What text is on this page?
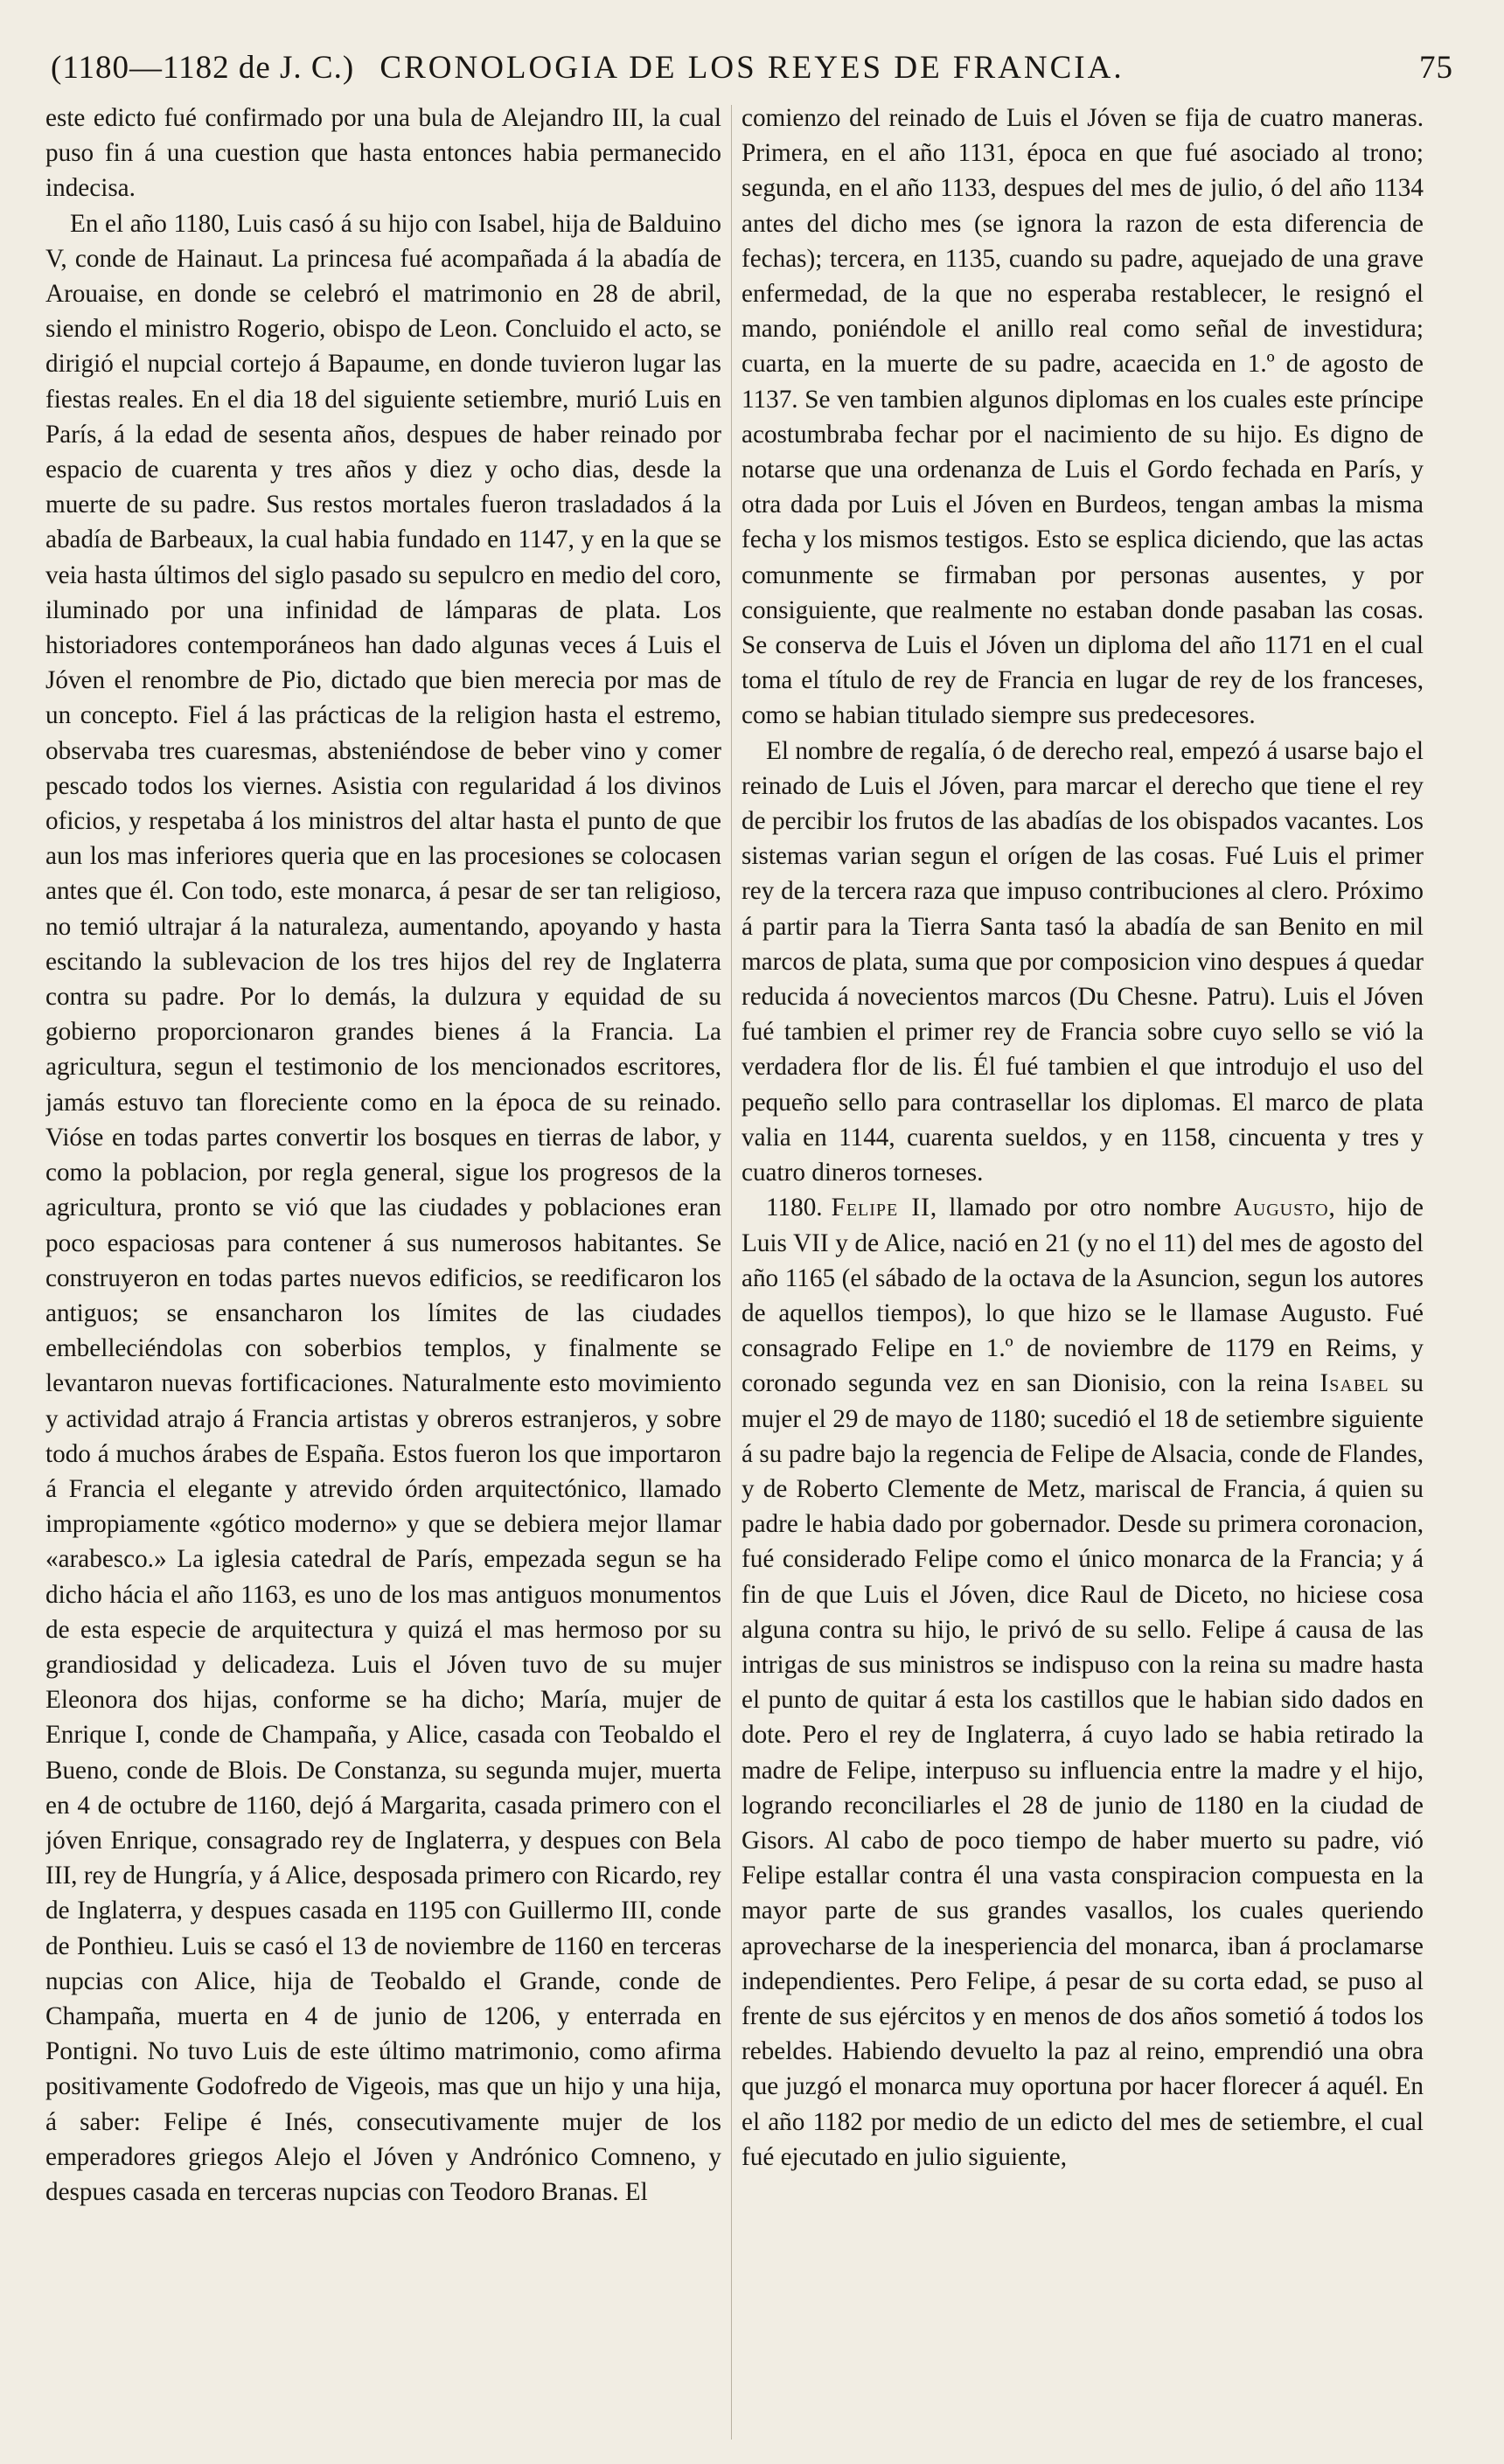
(1180—1182 de J. C.) CRONOLOGIA DE LOS REYES DE FRANCIA.	75

este edicto fué confirmado por una bula de Alejandro III, la cual puso fin á una cuestion que hasta entonces habia permanecido indecisa.

En el año 1180, Luis casó á su hijo con Isabel, hija de Balduino V, conde de Hainaut. La princesa fué acompañada á la abadía de Arouaise, en donde se celebró el matrimonio en 28 de abril, siendo el ministro Rogerio, obispo de Leon. Concluido el acto, se dirigió el nupcial cortejo á Bapaume, en donde tuvieron lugar las fiestas reales. En el dia 18 del siguiente setiembre, murió Luis en París, á la edad de sesenta años, despues de haber reinado por espacio de cuarenta y tres años y diez y ocho dias, desde la muerte de su padre. Sus restos mortales fueron trasladados á la abadía de Barbeaux, la cual habia fundado en 1147, y en la que se veia hasta últimos del siglo pasado su sepulcro en medio del coro, iluminado por una infinidad de lámparas de plata. Los historiadores contemporáneos han dado algunas veces á Luis el Jóven el renombre de Pio, dictado que bien merecia por mas de un concepto. Fiel á las prácticas de la religion hasta el estremo, observaba tres cuaresmas, absteniéndose de beber vino y comer pescado todos los viernes. Asistia con regularidad á los divinos oficios, y respetaba á los ministros del altar hasta el punto de que aun los mas inferiores queria que en las procesiones se colocasen antes que él. Con todo, este monarca, á pesar de ser tan religioso, no temió ultrajar á la naturaleza, aumentando, apoyando y hasta escitando la sublevacion de los tres hijos del rey de Inglaterra contra su padre. Por lo demás, la dulzura y equidad de su gobierno proporcionaron grandes bienes á la Francia. La agricultura, segun el testimonio de los mencionados escritores, jamás estuvo tan floreciente como en la época de su reinado. Vióse en todas partes convertir los bosques en tierras de labor, y como la poblacion, por regla general, sigue los progresos de la agricultura, pronto se vió que las ciudades y poblaciones eran poco espaciosas para contener á sus numerosos habitantes. Se construyeron en todas partes nuevos edificios, se reedificaron los antiguos; se ensancharon los límites de las ciudades embelleciéndolas con soberbios templos, y finalmente se levantaron nuevas fortificaciones. Naturalmente esto movimiento y actividad atrajo á Francia artistas y obreros estranjeros, y sobre todo á muchos árabes de España. Estos fueron los que importaron á Francia el elegante y atrevido órden arquitectónico, llamado impropiamente «gótico moderno» y que se debiera mejor llamar «arabesco.» La iglesia catedral de París, empezada segun se ha dicho hácia el año 1163, es uno de los mas antiguos monumentos de esta especie de arquitectura y quizá el mas hermoso por su grandiosidad y delicadeza. Luis el Jóven tuvo de su mujer Eleonora dos hijas, conforme se ha dicho; María, mujer de Enrique I, conde de Champaña, y Alice, casada con Teobaldo el Bueno, conde de Blois. De Constanza, su segunda mujer, muerta en 4 de octubre de 1160, dejó á Margarita, casada primero con el jóven Enrique, consagrado rey de Inglaterra, y despues con Bela III, rey de Hungría, y á Alice, desposada primero con Ricardo, rey de Inglaterra, y despues casada en 1195 con Guillermo III, conde de Ponthieu. Luis se casó el 13 de noviembre de 1160 en terceras nupcias con Alice, hija de Teobaldo el Grande, conde de Champaña, muerta en 4 de junio de 1206, y enterrada en Pontigni. No tuvo Luis de este último matrimonio, como afirma positivamente Godofredo de Vigeois, mas que un hijo y una hija, á saber: Felipe é Inés, consecutivamente mujer de los emperadores griegos Alejo el Jóven y Andrónico Comneno, y despues casada en terceras nupcias con Teodoro Branas. El

comienzo del reinado de Luis el Jóven se fija de cuatro maneras. Primera, en el año 1131, época en que fué asociado al trono; segunda, en el año 1133, despues del mes de julio, ó del año 1134 antes del dicho mes (se ignora la razon de esta diferencia de fechas); tercera, en 1135, cuando su padre, aquejado de una grave enfermedad, de la que no esperaba restablecer, le resignó el mando, poniéndole el anillo real como señal de investidura; cuarta, en la muerte de su padre, acaecida en 1.º de agosto de 1137. Se ven tambien algunos diplomas en los cuales este príncipe acostumbraba fechar por el nacimiento de su hijo. Es digno de notarse que una ordenanza de Luis el Gordo fechada en París, y otra dada por Luis el Jóven en Burdeos, tengan ambas la misma fecha y los mismos testigos. Esto se esplica diciendo, que las actas comunmente se firmaban por personas ausentes, y por consiguiente, que realmente no estaban donde pasaban las cosas. Se conserva de Luis el Jóven un diploma del año 1171 en el cual toma el título de rey de Francia en lugar de rey de los franceses, como se habian titulado siempre sus predecesores.

El nombre de regalía, ó de derecho real, empezó á usarse bajo el reinado de Luis el Jóven, para marcar el derecho que tiene el rey de percibir los frutos de las abadías de los obispados vacantes. Los sistemas varian segun el orígen de las cosas. Fué Luis el primer rey de la tercera raza que impuso contribuciones al clero. Próximo á partir para la Tierra Santa tasó la abadía de san Benito en mil marcos de plata, suma que por composicion vino despues á quedar reducida á novecientos marcos (Du Chesne. Patru). Luis el Jóven fué tambien el primer rey de Francia sobre cuyo sello se vió la verdadera flor de lis. Él fué tambien el que introdujo el uso del pequeño sello para contrasellar los diplomas. El marco de plata valia en 1144, cuarenta sueldos, y en 1158, cincuenta y tres y cuatro dineros torneses.

1180. Felipe II, llamado por otro nombre Augusto, hijo de Luis VII y de Alice, nació en 21 (y no el 11) del mes de agosto del año 1165 (el sábado de la octava de la Asuncion, segun los autores de aquellos tiempos), lo que hizo se le llamase Augusto. Fué consagrado Felipe en 1.º de noviembre de 1179 en Reims, y coronado segunda vez en san Dionisio, con la reina Isabel su mujer el 29 de mayo de 1180; sucedió el 18 de setiembre siguiente á su padre bajo la regencia de Felipe de Alsacia, conde de Flandes, y de Roberto Clemente de Metz, mariscal de Francia, á quien su padre le habia dado por gobernador. Desde su primera coronacion, fué considerado Felipe como el único monarca de la Francia; y á fin de que Luis el Jóven, dice Raul de Diceto, no hiciese cosa alguna contra su hijo, le privó de su sello. Felipe á causa de las intrigas de sus ministros se indispuso con la reina su madre hasta el punto de quitar á esta los castillos que le habian sido dados en dote. Pero el rey de Inglaterra, á cuyo lado se habia retirado la madre de Felipe, interpuso su influencia entre la madre y el hijo, logrando reconciliarles el 28 de junio de 1180 en la ciudad de Gisors. Al cabo de poco tiempo de haber muerto su padre, vió Felipe estallar contra él una vasta conspiracion compuesta en la mayor parte de sus grandes vasallos, los cuales queriendo aprovecharse de la inesperiencia del monarca, iban á proclamarse independientes. Pero Felipe, á pesar de su corta edad, se puso al frente de sus ejércitos y en menos de dos años sometió á todos los rebeldes. Habiendo devuelto la paz al reino, emprendió una obra que juzgó el monarca muy oportuna por hacer florecer á aquél. En el año 1182 por medio de un edicto del mes de setiembre, el cual fué ejecutado en julio siguiente,
